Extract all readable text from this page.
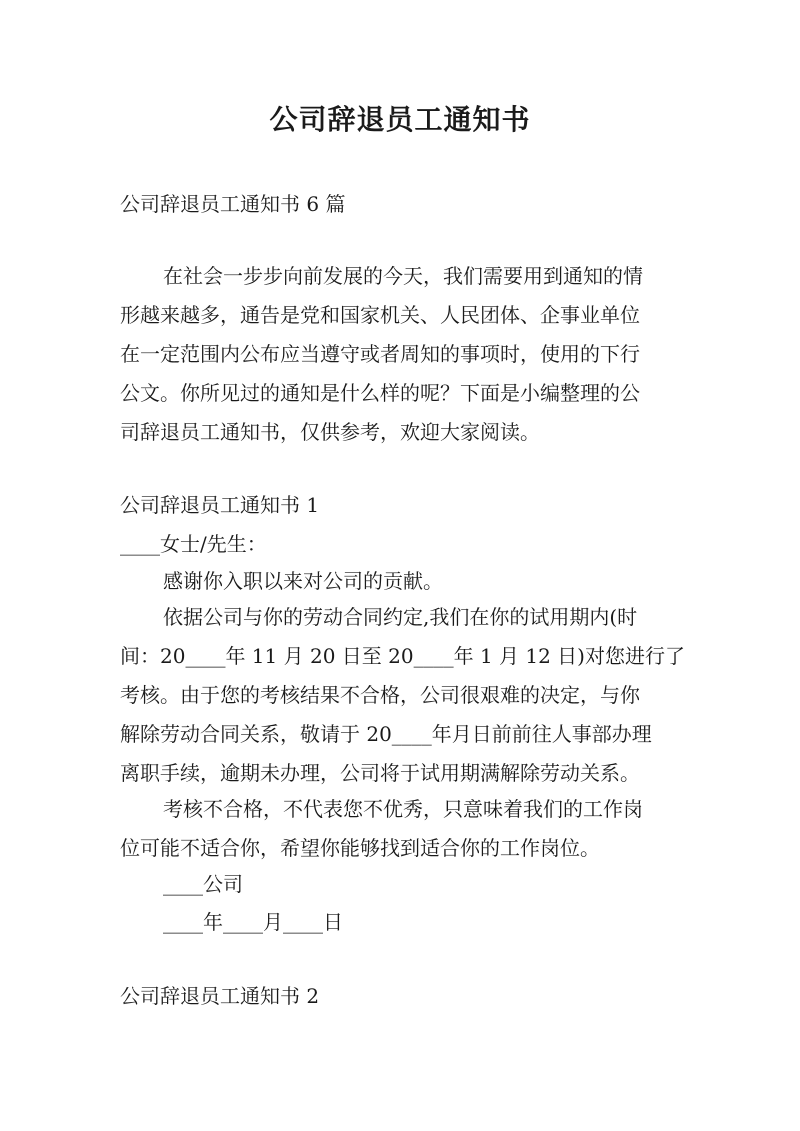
公司辞退员工通知书
公司辞退员工通知书 6 篇
在社会一步步向前发展的今天，我们需要用到通知的情
形越来越多，通告是党和国家机关、人民团体、企事业单位
在一定范围内公布应当遵守或者周知的事项时，使用的下行
公文。你所见过的通知是什么样的呢？下面是小编整理的公
司辞退员工通知书，仅供参考，欢迎大家阅读。
公司辞退员工通知书 1
____女士/先生：
感谢你入职以来对公司的贡献。
依据公司与你的劳动合同约定,我们在你的试用期内(时
间：20____年 11 月 20 日至 20____年 1 月 12 日)对您进行了
考核。由于您的考核结果不合格，公司很艰难的决定，与你
解除劳动合同关系，敬请于 20____年月日前前往人事部办理
离职手续，逾期未办理，公司将于试用期满解除劳动关系。
考核不合格，不代表您不优秀，只意味着我们的工作岗
位可能不适合你，希望你能够找到适合你的工作岗位。
____公司
____年____月____日
公司辞退员工通知书 2
